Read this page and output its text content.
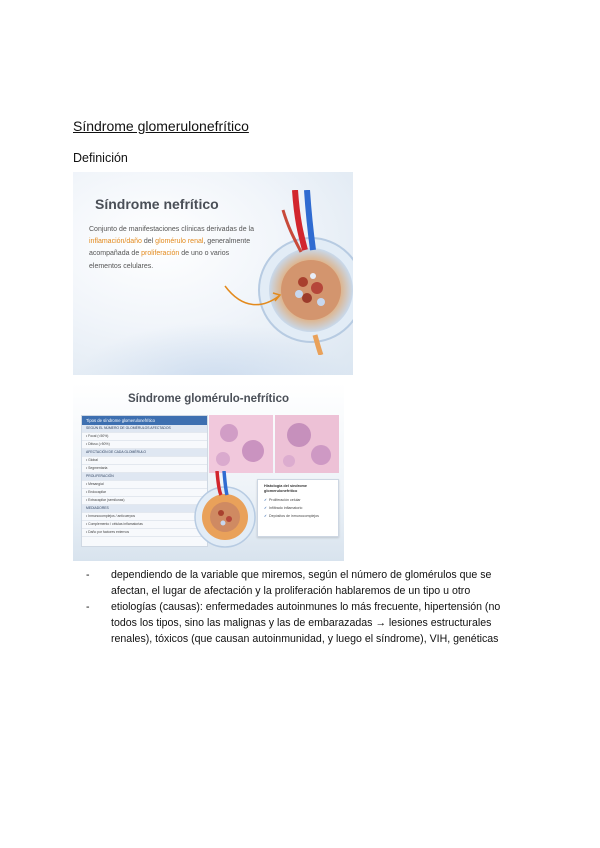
Síndrome glomerulonefrítico
Definición
Síndrome nefrítico
Conjunto de manifestaciones clínicas derivadas de la inflamación/daño del glomérulo renal, generalmente acompañada de proliferación de uno o varios elementos celulares.
Síndrome glomérulo-nefrítico
Tipos de síndrome glomerulonefrítico
SEGÚN EL NÚMERO DE GLOMÉRULOS AFECTADOS
• Focal (<50%)
• Difuso (>50%)
AFECTACIÓN DE CADA GLOMÉRULO
• Global
• Segmentaria
PROLIFERACIÓN
• Mesangial
• Endocapilar
• Extracapilar (semilunas)
MEDIADORES
• Inmunocomplejos / anticuerpos
• Complemento / células inflamatorias
• Daño por factores externos
Histología del síndrome glomerulonefrítico
✓ Proliferación celular
✓ Infiltrado inflamatorio
✓ Depósitos de inmunocomplejos
- dependiendo de la variable que miremos, según el número de glomérulos que se afectan, el lugar de afectación y la proliferación hablaremos de un tipo u otro
- etiologías (causas): enfermedades autoinmunes lo más frecuente, hipertensión (no todos los tipos, sino las malignas y las de embarazadas → lesiones estructurales renales), tóxicos (que causan autoinmunidad, y luego el síndrome), VIH, genéticas
